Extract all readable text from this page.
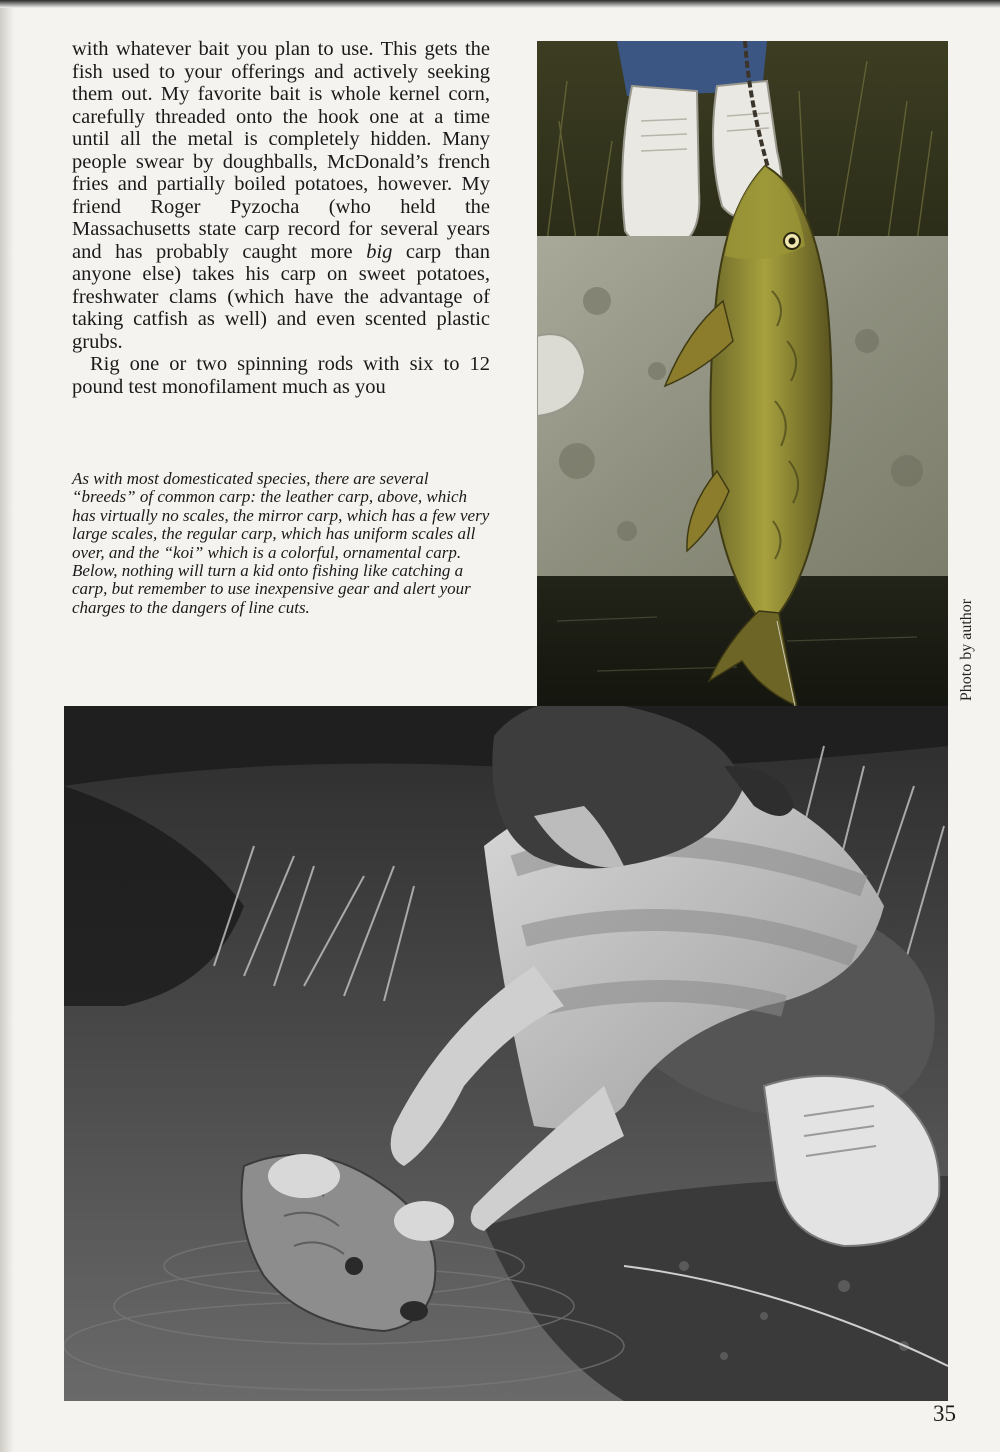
with whatever bait you plan to use. This gets the fish used to your offerings and actively seeking them out. My favorite bait is whole kernel corn, carefully threaded onto the hook one at a time until all the metal is completely hidden. Many people swear by doughballs, McDonald’s french fries and partially boiled potatoes, however. My friend Roger Pyzocha (who held the Massachusetts state carp record for several years and has probably caught more big carp than anyone else) takes his carp on sweet potatoes, freshwater clams (which have the advantage of taking catfish as well) and even scented plastic grubs.

Rig one or two spinning rods with six to 12 pound test monofilament much as you

As with most domesticated species, there are several “breeds” of common carp: the leather carp, above, which has virtually no scales, the mirror carp, which has a few very large scales, the regular carp, which has uniform scales all over, and the “koi” which is a colorful, ornamental carp. Below, nothing will turn a kid onto fishing like catching a carp, but remember to use inexpensive gear and alert your charges to the dangers of line cuts.	Photo by author
35
